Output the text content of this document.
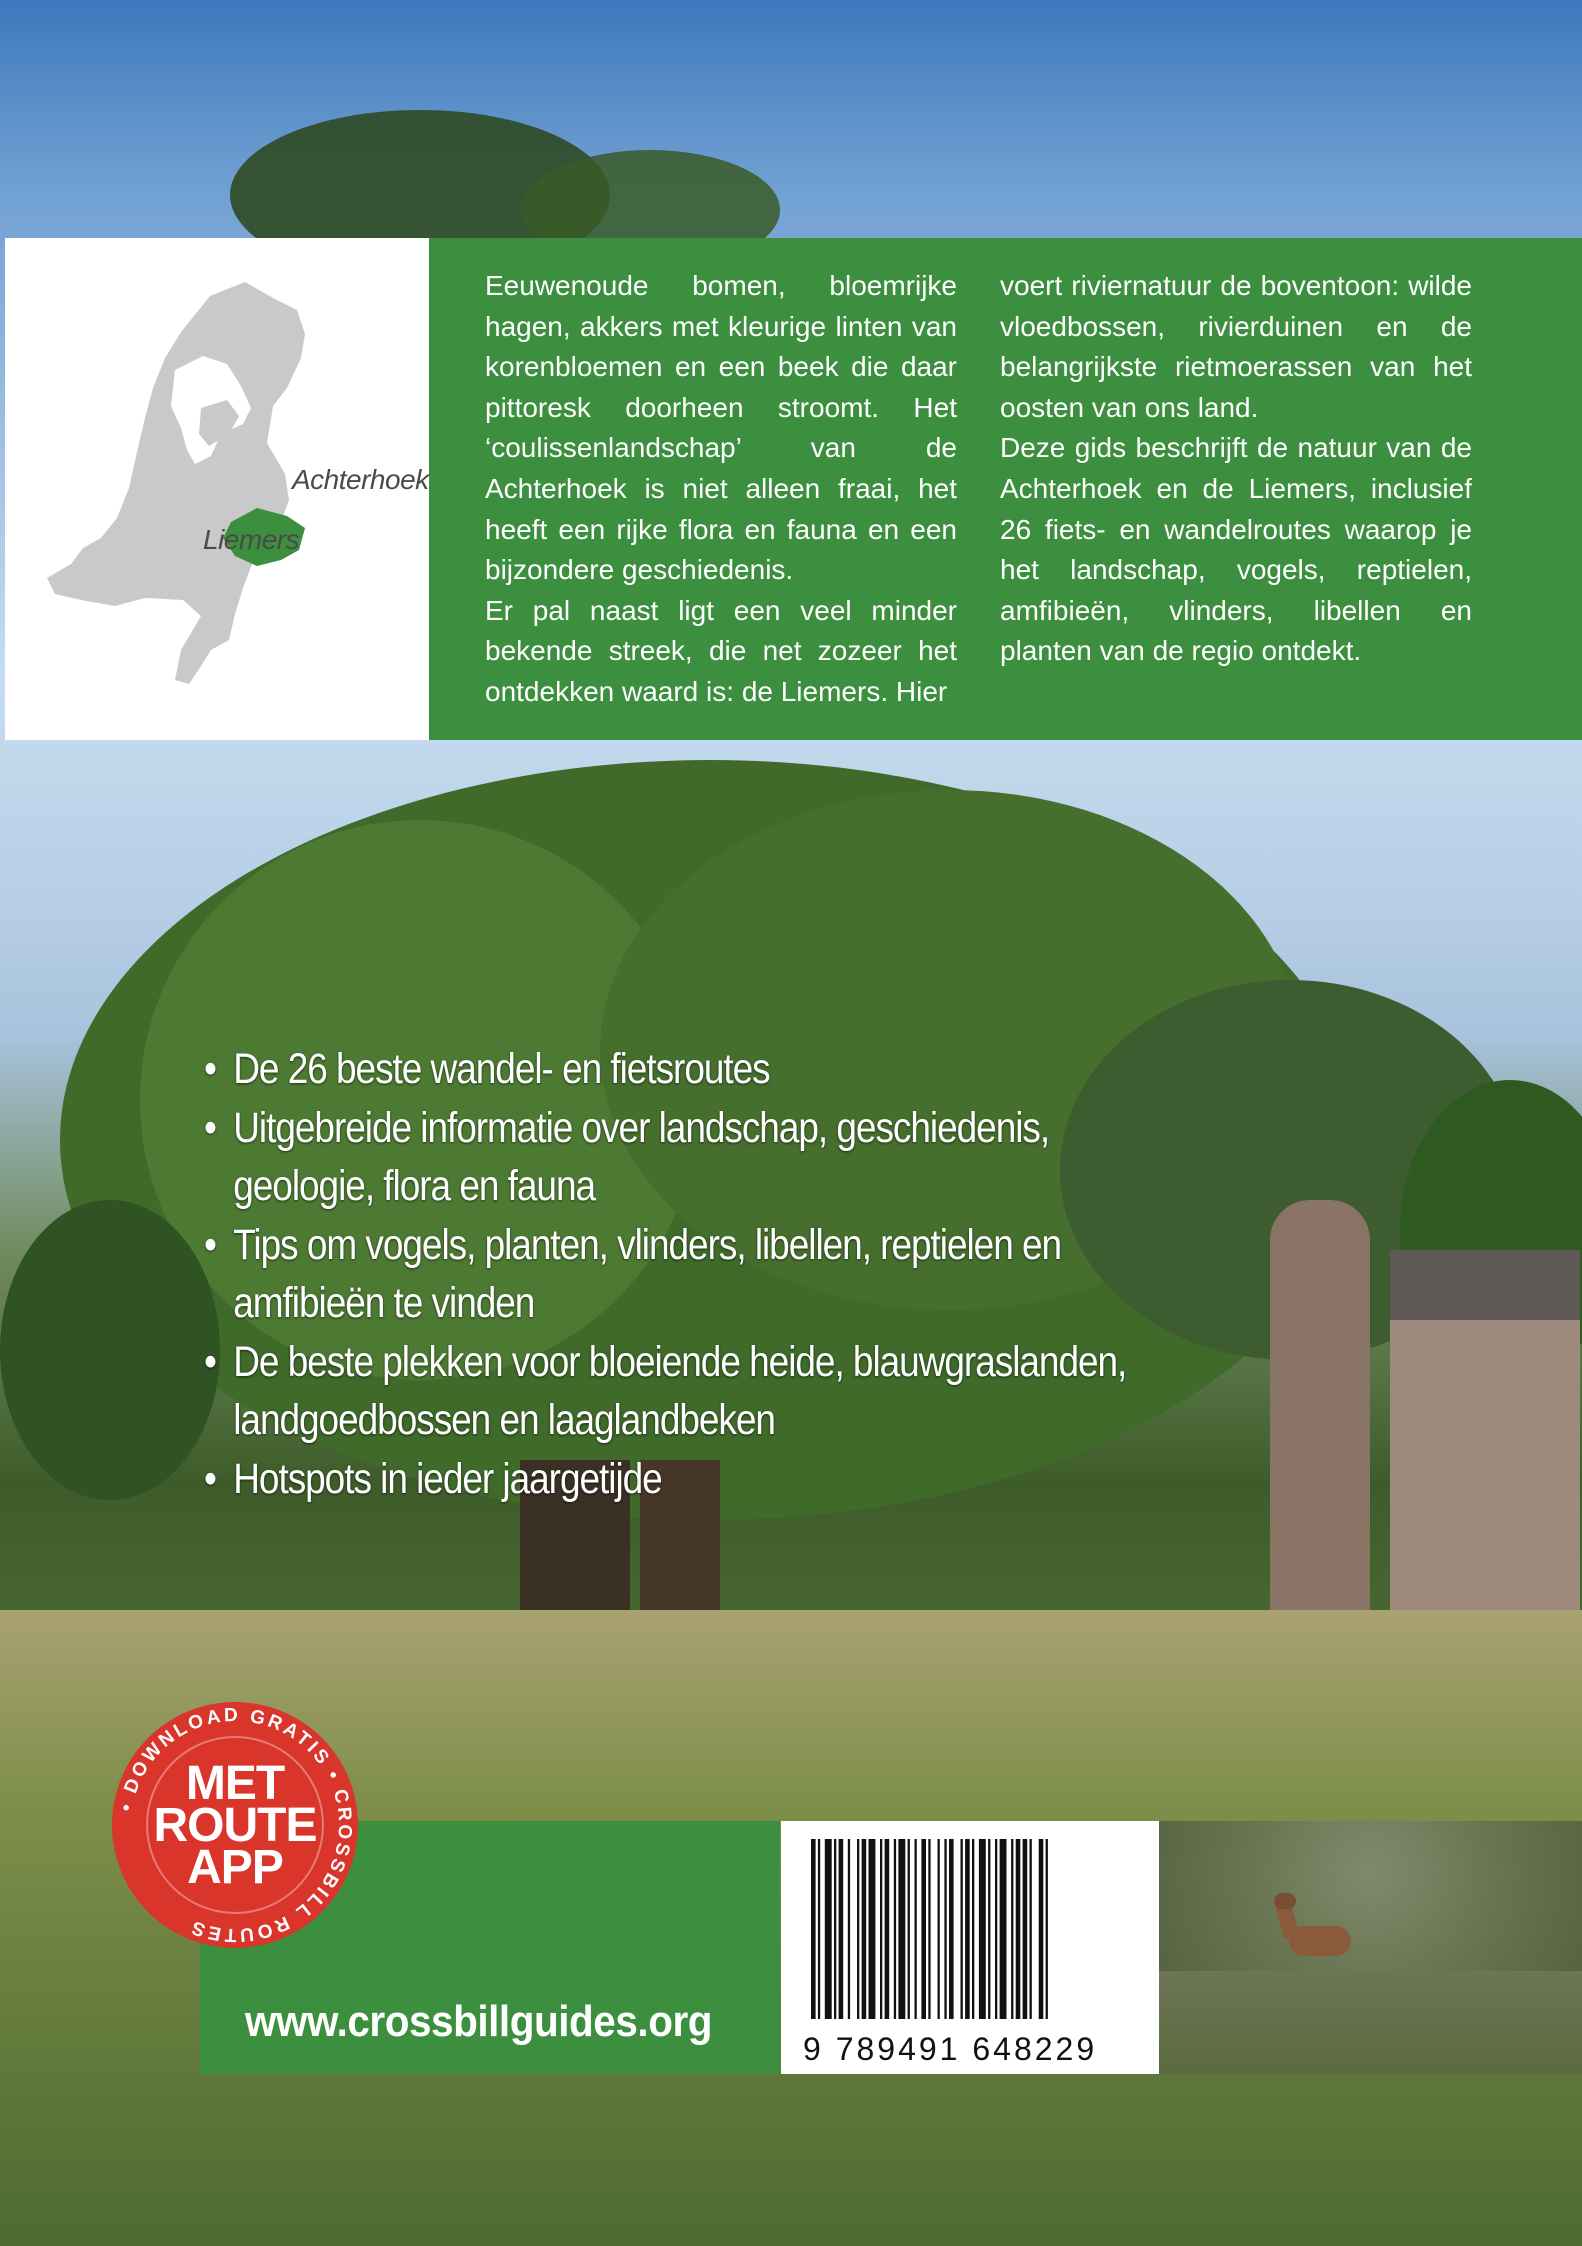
Achterhoek
Liemers

Eeuwenoude bomen, bloemrijke hagen, akkers met kleurige linten van korenbloemen en een beek die daar pittoresk doorheen stroomt. Het ‘coulissenlandschap’ van de Achterhoek is niet alleen fraai, het heeft een rijke flora en fauna en een bijzondere geschiedenis.

Er pal naast ligt een veel minder bekende streek, die net zozeer het ontdekken waard is: de Liemers. Hier

voert riviernatuur de boventoon: wilde vloedbossen, rivierduinen en de belangrijkste rietmoerassen van het oosten van ons land.

Deze gids beschrijft de natuur van de Achterhoek en de Liemers, inclusief 26 fiets- en wandelroutes waarop je het landschap, vogels, reptielen, amfibieën, vlinders, libellen en planten van de regio ontdekt.

• De 26 beste wandel- en fietsroutes
• Uitgebreide informatie over landschap, geschiedenis, geologie, flora en fauna
• Tips om vogels, planten, vlinders, libellen, reptielen en amfibieën te vinden
• De beste plekken voor bloeiende heide, blauwgraslanden, landgoedbossen en laaglandbeken
• Hotspots in ieder jaargetijde
www.crossbillguides.org
9 789491 648229
• DOWNLOAD GRATIS • CROSSBILL ROUTES
MET
ROUTE
APP
